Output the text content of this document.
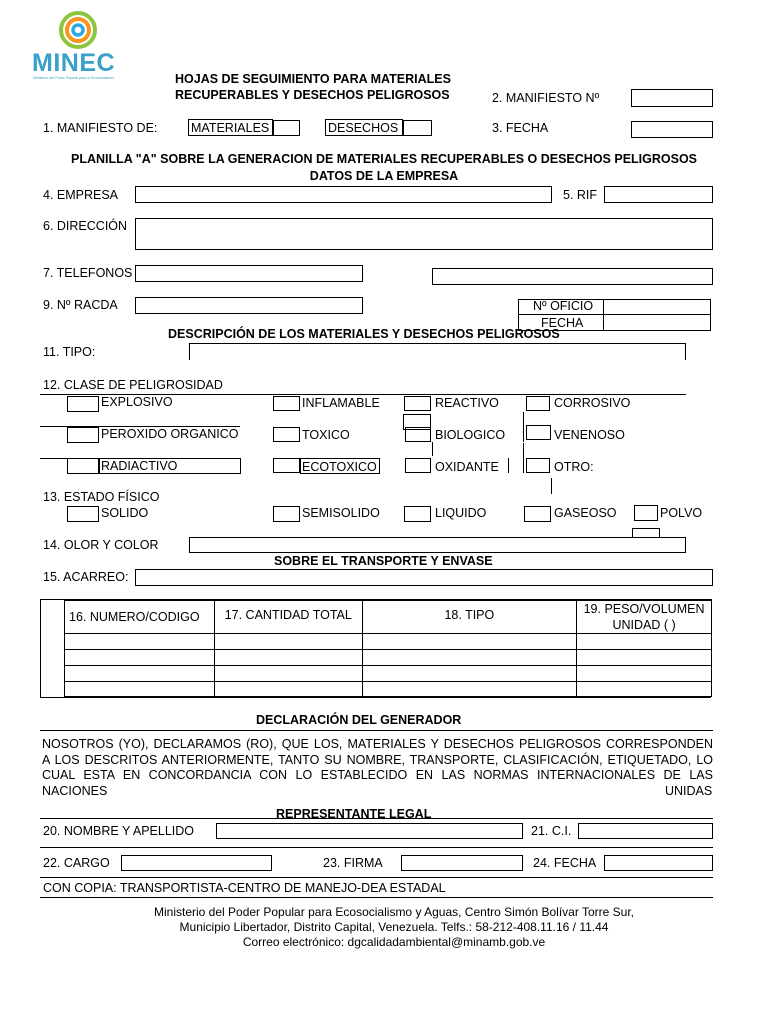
MINEC
Ministerio del Poder Popular para el Ecosocialismo	HOJAS DE SEGUIMIENTO PARA MATERIALES
RECUPERABLES Y DESECHOS PELIGROSOS	2. MANIFIESTO Nº
1. MANIFIESTO DE:	MATERIALES	DESECHOS	3. FECHA
PLANILLA "A" SOBRE LA GENERACION DE MATERIALES RECUPERABLES O DESECHOS PELIGROSOS
DATOS DE LA EMPRESA
4. EMPRESA	5. RIF
6. DIRECCIÓN
7. TELEFONOS
9. Nº RACDA	Nº OFICIO
FECHA
DESCRIPCIÓN DE LOS MATERIALES Y DESECHOS PELIGROSOS
11. TIPO:
12. CLASE DE PELIGROSIDAD
EXPLOSIVO	INFLAMABLE	REACTIVO	CORROSIVO
PEROXIDO ORGANICO	TOXICO	BIOLOGICO	VENENOSO
RADIACTIVO	ECOTOXICO	OXIDANTE	OTRO:
13. ESTADO FÍSICO
SOLIDO	SEMISOLIDO	LIQUIDO	GASEOSO	POLVO
14. OLOR Y COLOR
SOBRE EL TRANSPORTE Y ENVASE
15. ACARREO:
16. NUMERO/CODIGO	17. CANTIDAD TOTAL	18. TIPO	19. PESO/VOLUMEN
UNIDAD ( )

DECLARACIÓN DEL GENERADOR
NOSOTROS (YO), DECLARAMOS (RO), QUE LOS, MATERIALES Y DESECHOS PELIGROSOS CORRESPONDEN
A LOS DESCRITOS ANTERIORMENTE, TANTO SU NOMBRE, TRANSPORTE, CLASIFICACIÓN, ETIQUETADO, LO
CUAL ESTA EN CONCORDANCIA CON LO ESTABLECIDO EN LAS NORMAS INTERNACIONALES DE LAS
NACIONES	UNIDAS
REPRESENTANTE LEGAL
20. NOMBRE Y APELLIDO	21. C.I.
22. CARGO	23. FIRMA	24. FECHA
CON COPIA: TRANSPORTISTA-CENTRO DE MANEJO-DEA ESTADAL
Ministerio del Poder Popular para Ecosocialismo y Aguas, Centro Simón Bolívar Torre Sur,
Municipio Libertador, Distrito Capital, Venezuela. Telfs.: 58-212-408.11.16 / 11.44
Correo electrónico: dgcalidadambiental@minamb.gob.ve
